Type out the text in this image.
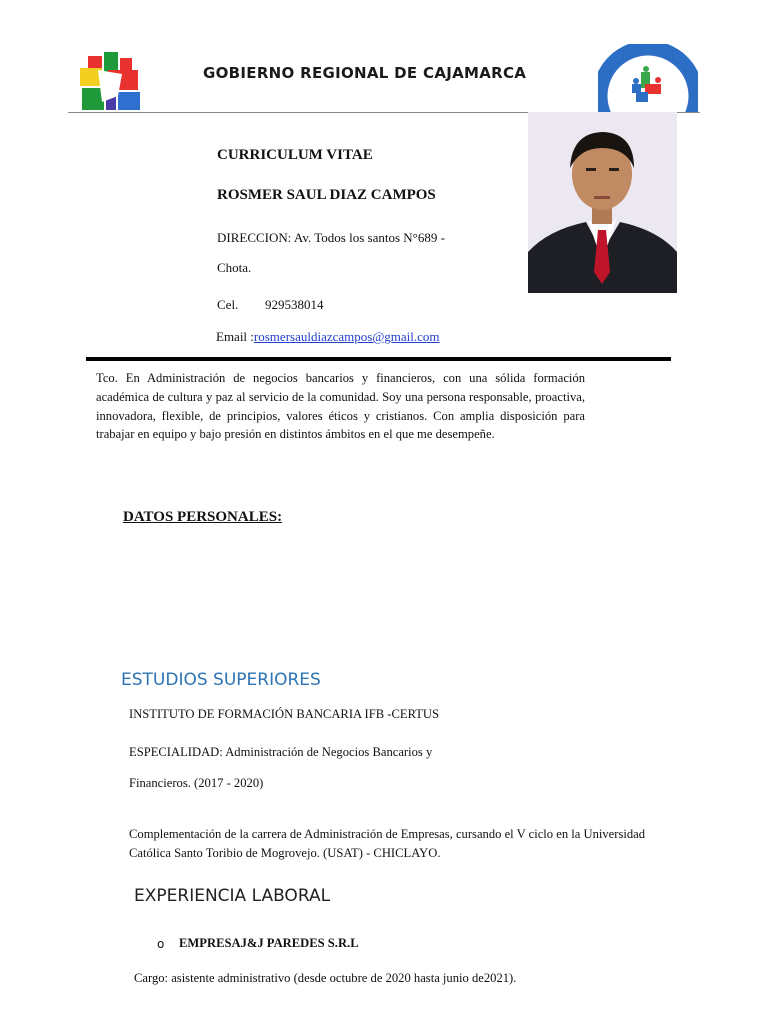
GOBIERNO REGIONAL DE CAJAMARCA
CURRICULUM VITAE
ROSMER SAUL DIAZ CAMPOS
DIRECCION: Av. Todos los santos N°689 -
Chota.
Cel. 929538014
Email :rosmersauldiazcampos@gmail.com
Tco. En Administración de negocios bancarios y financieros, con una sólida formación académica de cultura y paz al servicio de la comunidad. Soy una persona responsable, proactiva, innovadora, flexible, de principios, valores éticos y cristianos. Con amplia disposición para trabajar en equipo y bajo presión en distintos ámbitos en el que me desempeñe.
DATOS PERSONALES:
ESTUDIOS SUPERIORES
INSTITUTO DE FORMACIÓN BANCARIA IFB -CERTUS
ESPECIALIDAD: Administración de Negocios Bancarios y
Financieros. (2017 - 2020)
Complementación de la carrera de Administración de Empresas, cursando el V ciclo en la Universidad Católica Santo Toribio de Mogrovejo. (USAT) - CHICLAYO.
EXPERIENCIA LABORAL
o EMPRESAJ&J PAREDES S.R.L
Cargo: asistente administrativo (desde octubre de 2020 hasta junio de2021).
